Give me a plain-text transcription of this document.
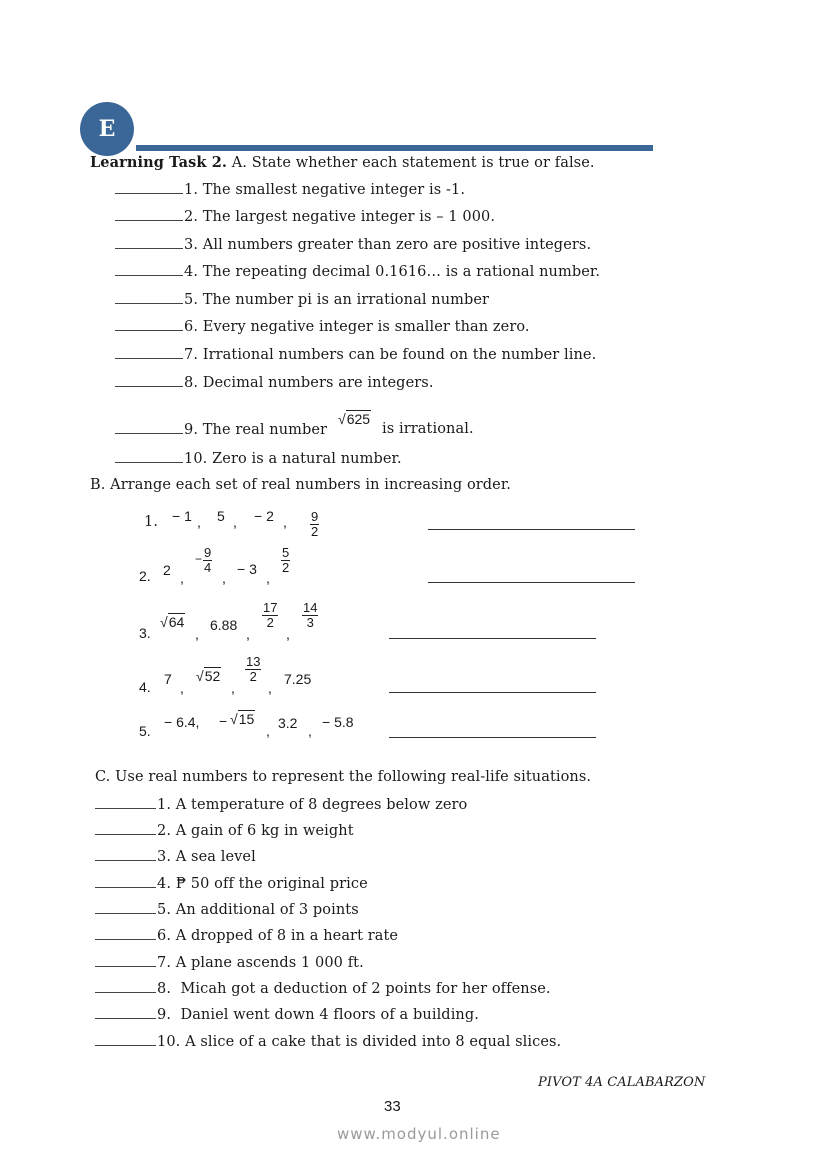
E
Learning Task 2. A. State whether each statement is true or false.
1. The smallest negative integer is -1.
2. The largest negative integer is – 1 000.
3. All numbers greater than zero are positive integers.
4. The repeating decimal 0.1616… is a rational number.
5. The number pi is an irrational number
6. Every negative integer is smaller than zero.
7. Irrational numbers can be found on the number line.
8. Decimal numbers are integers.
9. The real number
√625
is irrational.
10. Zero is a natural number.
B. Arrange each set of real numbers in increasing order.
1. − 1 , 5 , − 2 , $\frac{9}{2}$
2. 2 ,
− $\frac{9}{4}$
,
− 3
,
$\frac{5}{2}$
3.
√64
,
6.88
,
$\frac{17}{2}$
,
$\frac{14}{3}$
4. 7
,
√52
,
$\frac{13}{2}$
,
7.25
5.
− 6.4, − √15
, 3.2 ,
− 5.8
C. Use real numbers to represent the following real-life situations.
1. A temperature of 8 degrees below zero
2. A gain of 6 kg in weight
3. A sea level
4. ₱ 50 off the original price
5. An additional of 3 points
6. A dropped of 8 in a heart rate
7. A plane ascends 1 000 ft.
8.  Micah got a deduction of 2 points for her offense.
9.  Daniel went down 4 floors of a building.
10. A slice of a cake that is divided into 8 equal slices.
PIVOT 4A CALABARZON
33
www.modyul.online
